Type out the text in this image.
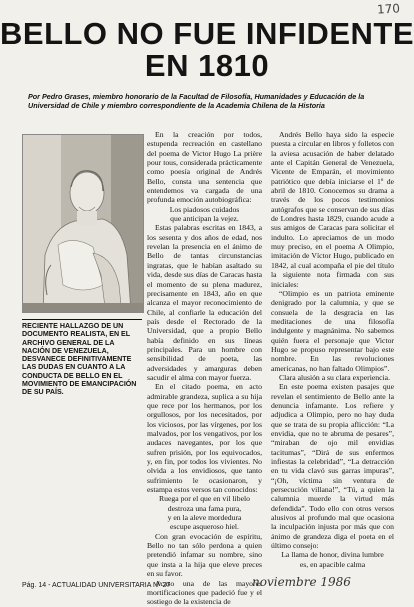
170
BELLO NO FUE INFIDENTE
EN 1810
Por Pedro Grases, miembro honorario de la Facultad de Filosofía, Humanidades y Educación de la Universidad de Chile y miembro correspondiente de la Academia Chilena de la Historia
RECIENTE HALLAZGO DE UN DOCUMENTO REALISTA, EN EL ARCHIVO GENERAL DE LA NACIÓN DE VENEZUELA, DESVANECE DEFINITIVAMENTE LAS DUDAS EN CUANTO A LA CONDUCTA DE BELLO EN EL MOVIMIENTO DE EMANCIPACIÓN DE SU PAÍS.

En la creación por todos, estupenda recreación en castellano del poema de Victor Hugo La prière pour tous, considerada prácticamente como poesía original de Andrés Bello, consta una sentencia que entendemos va cargada de una profunda emoción autobiográfica:

Los piadosos cuidados

que anticipan la vejez.

Estas palabras escritas en 1843, a los sesenta y dos años de edad, nos revelan la presencia en el ánimo de Bello de tantas circunstancias ingratas, que le habían asaltado su vida, desde sus días de Caracas hasta el momento de su plena madurez, precisamente en 1843, año en que alcanza el mayor reconocimiento de Chile, al confiarle la educación del país desde el Rectorado de la Universidad, que a propio Bello había definido en sus líneas principales. Para un hombre con sensibilidad de poeta, las adversidades y amarguras deben sacudir el alma con mayor fuerza.

En el citado poema, en acto admirable grandeza, suplica a su hija que rece por los hermanos, por los orgullosos, por los necesitados, por los viciosos, por las vírgenes, por los malvados, por los vengativos, por los audaces navegantes, por los que sufren prisión, por los equivocados, y, en fin, por todos los vivientes. No olvida a los envidiosos, que tanto sufrimiento le ocasionaron, y estampa estos versos tan conocidos:

Ruega por el que en vil libelo

destroza una fama pura,

y en la aleve mordedura

escupe asqueroso hiel.

Con gran evocación de espíritu, Bello no tan sólo perdona a quien pretendió infamar su nombre, sino que insta a la hija que eleve preces en su favor.

Acaso una de las mayores mortificaciones que padeció fue y el sostiego de la existencia de

Andrés Bello haya sido la especie puesta a circular en libros y folletos con la aviesa acusación de haber delatado ante el Capitán General de Venezuela, Vicente de Emparán, el movimiento patriótico que debía iniciarse el 1º de abril de 1810. Conocemos su drama a través de los pocos testimonios autógrafos que se conservan de sus días de Londres hasta 1829, cuando acude a sus amigos de Caracas para solicitar el indulto. Lo apreciamos de un modo muy preciso, en el poema A Olimpio, imitación de Víctor Hugo, publicado en 1842, al cual acompaña el pie del título la siguiente nota firmada con sus iniciales:

“Olimpio es un patriota eminente denigrado por la calumnia, y que se consuela de la desgracia en las meditaciones de una filosofía indulgente y magnánima. No sabemos quién fuera el personaje que Victor Hugo se propuso representar bajo este nombre. En las revoluciones americanas, no han faltado Olimpios”.

Clara alusión a su clara experiencia.

En este poema existen pasajes que revelan el sentimiento de Bello ante la denuncia infamante. Los refiere y adjudica a Olimpio, pero no hay duda que se trata de su propia aflicción: “La envidia, que no te abruma de pesares”, “miraban de ojo mil envidias tacitumas”, “Dirá de sus enfermos infiestas la celebridad”, “La detracción en tu vida clavó sus garras impuras”, “¡Oh, víctima sin ventura de persecución villana!”, “Tú, a quien la calumnia muerde la virtud más defendida”. Todo ello con otros versos alusivos al profundo mal que ocasiona la inculpación injusta por más que con ánimo de grandeza diga el poeta en el último consejo:

La llama de honor, divina lumbre

es, en apacible calma

Pág. 14 - ACTUALIDAD UNIVERSITARIA Nº 27	noviembre 1986
